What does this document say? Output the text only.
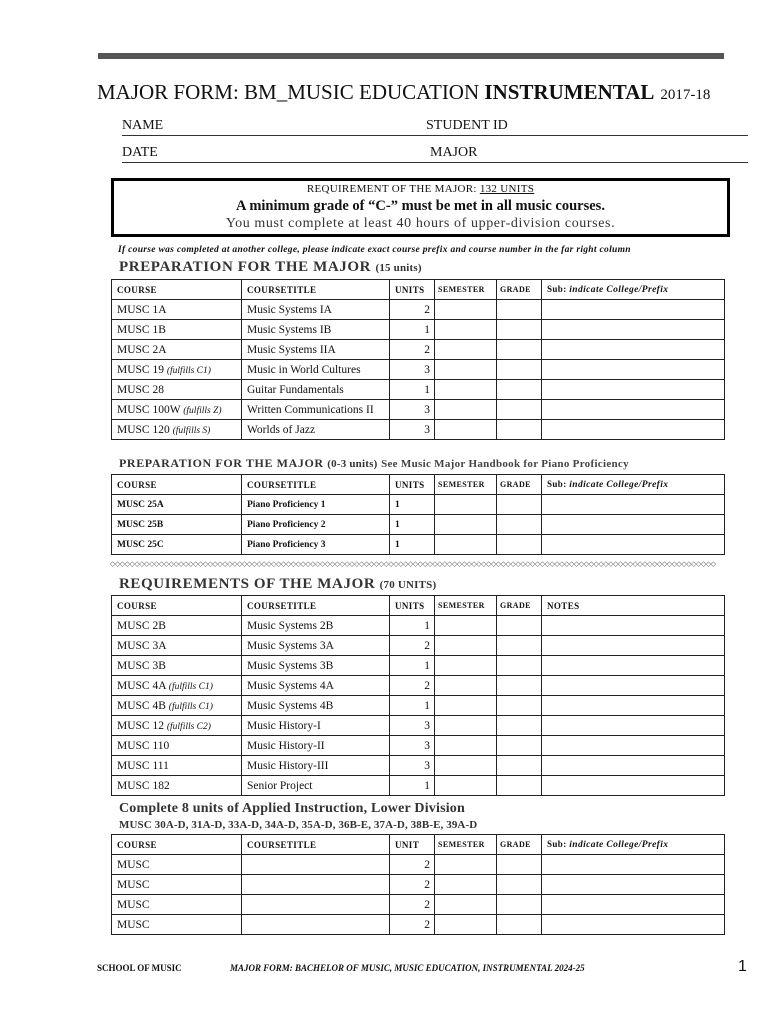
MAJOR FORM: BM_MUSIC EDUCATION INSTRUMENTAL 2017-18
NAME	STUDENT ID
DATE	MAJOR
REQUIREMENT OF THE MAJOR: 132 UNITS
A minimum grade of “C-” must be met in all music courses.
You must complete at least 40 hours of upper-division courses.
If course was completed at another college, please indicate exact course prefix and course number in the far right column
PREPARATION FOR THE MAJOR (15 units)
COURSE	COURSETITLE	UNITS	SEMESTER	GRADE	Sub: indicate College/Prefix
MUSC 1A	Music Systems IA	2			
MUSC 1B	Music Systems IB	1			
MUSC 2A	Music Systems IIA	2			
MUSC 19 (fulfills C1)	Music in World Cultures	3			
MUSC 28	Guitar Fundamentals	1			
MUSC 100W (fulfills Z)	Written Communications II	3			
MUSC 120 (fulfills S)	Worlds of Jazz	3			
PREPARATION FOR THE MAJOR (0-3 units) See Music Major Handbook for Piano Proficiency
COURSE	COURSETITLE	UNITS	SEMESTER	GRADE	Sub: indicate College/Prefix
MUSC 25A	Piano Proficiency 1	1			
MUSC 25B	Piano Proficiency 2	1			
MUSC 25C	Piano Proficiency 3	1			
◇◇◇◇◇◇◇◇◇◇◇◇◇◇◇◇◇◇◇◇◇◇◇◇◇◇◇◇◇◇◇◇◇◇◇◇◇◇◇◇◇◇◇◇◇◇◇◇◇◇◇◇◇◇◇◇◇◇◇◇◇◇◇◇◇◇◇◇◇◇◇◇◇◇◇◇◇◇◇◇◇◇◇◇◇◇◇◇◇◇◇◇◇◇◇◇◇◇◇◇◇◇◇◇◇◇◇◇◇◇◇◇◇◇◇◇◇◇◇◇◇◇◇◇
REQUIREMENTS OF THE MAJOR (70 UNITS)
COURSE	COURSETITLE	UNITS	SEMESTER	GRADE	NOTES
MUSC 2B	Music Systems 2B	1			
MUSC 3A	Music Systems 3A	2			
MUSC 3B	Music Systems 3B	1			
MUSC 4A (fulfills C1)	Music Systems 4A	2			
MUSC 4B (fulfills C1)	Music Systems 4B	1			
MUSC 12 (fulfills C2)	Music History-I	3			
MUSC 110	Music History-II	3			
MUSC 111	Music History-III	3			
MUSC 182	Senior Project	1			
Complete 8 units of Applied Instruction, Lower Division
MUSC 30A-D, 31A-D, 33A-D, 34A-D, 35A-D, 36B-E, 37A-D, 38B-E, 39A-D
COURSE	COURSETITLE	UNIT	SEMESTER	GRADE	Sub: indicate College/Prefix
MUSC		2			
MUSC		2			
MUSC		2			
MUSC		2			
SCHOOL OF MUSIC	MAJOR FORM: BACHELOR OF MUSIC, MUSIC EDUCATION, INSTRUMENTAL 2024-25	1
